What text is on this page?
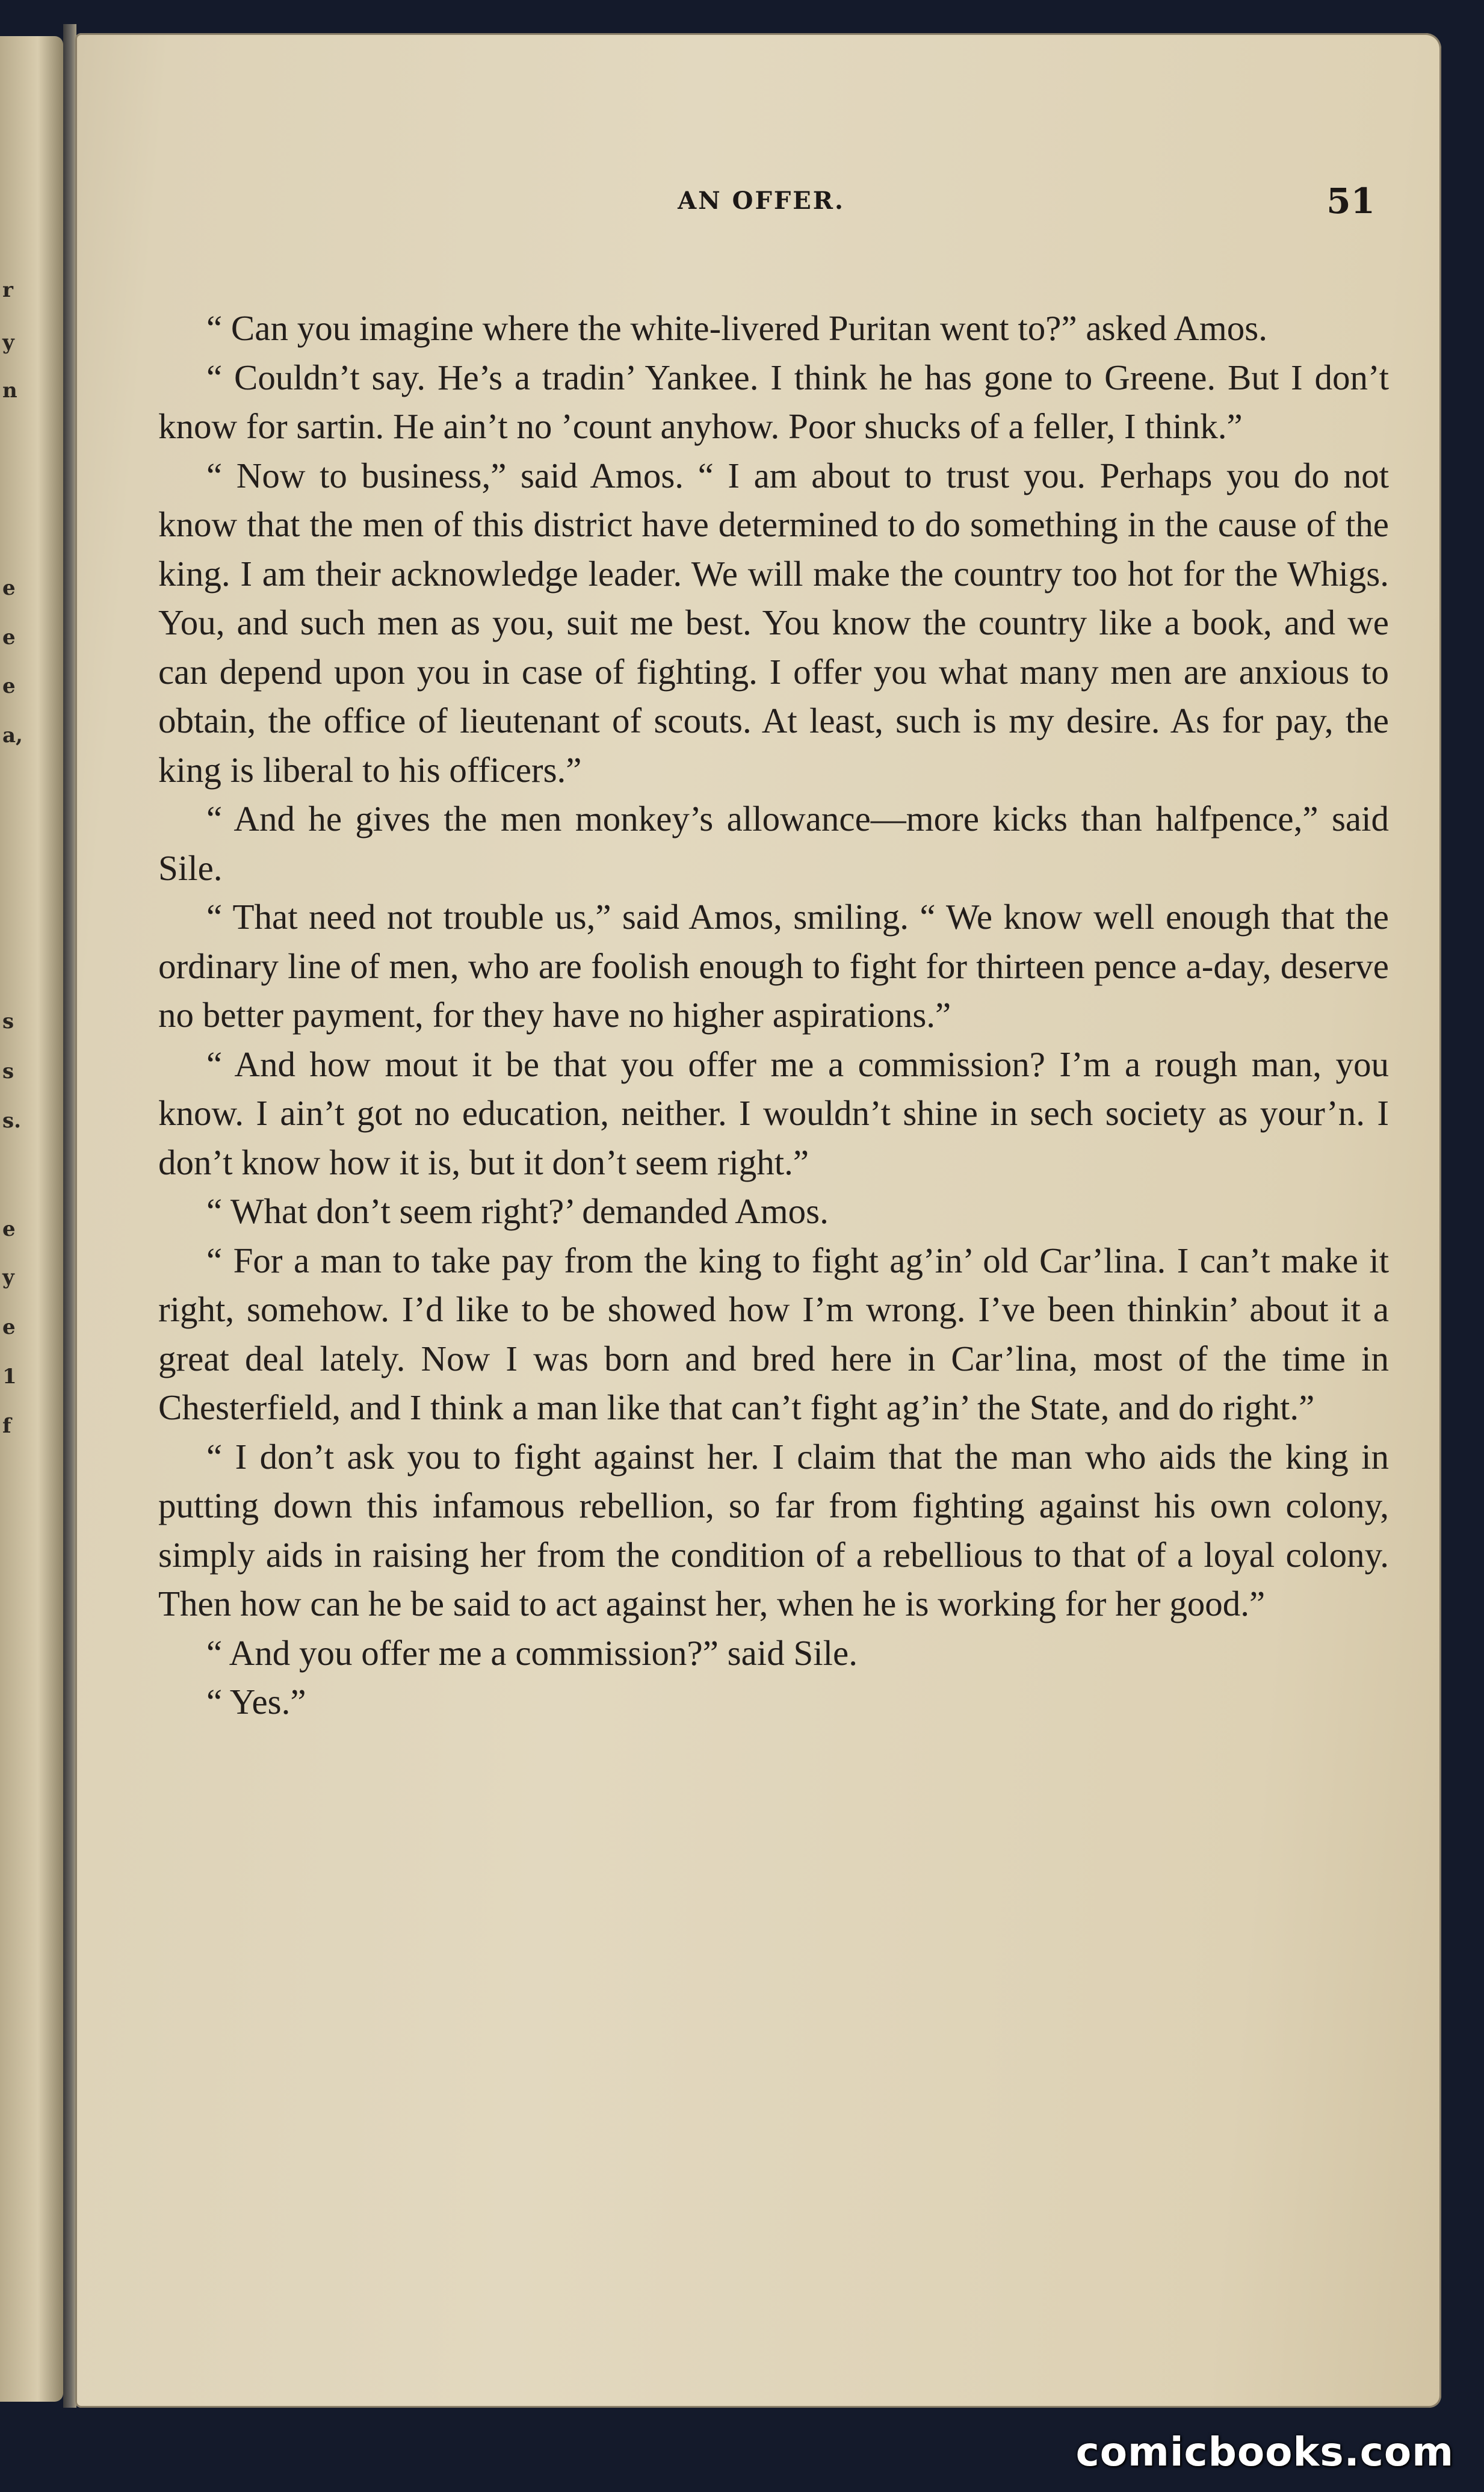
r
y
n
e
e
e
a,
s
s
s.
e
y
e
1
f
AN OFFER.	51

“ Can you imagine where the white-livered Puritan went to?” asked Amos.

“ Couldn’t say. He’s a tradin’ Yankee. I think he has gone to Greene. But I don’t know for sartin. He ain’t no ’count anyhow. Poor shucks of a feller, I think.”

“ Now to business,” said Amos. “ I am about to trust you. Perhaps you do not know that the men of this district have determined to do something in the cause of the king. I am their acknowledge leader. We will make the country too hot for the Whigs. You, and such men as you, suit me best. You know the country like a book, and we can depend upon you in case of fighting. I offer you what many men are anxious to obtain, the office of lieutenant of scouts. At least, such is my desire. As for pay, the king is liberal to his officers.”

“ And he gives the men monkey’s allowance—more kicks than halfpence,” said Sile.

“ That need not trouble us,” said Amos, smiling. “ We know well enough that the ordinary line of men, who are foolish enough to fight for thirteen pence a-day, deserve no better payment, for they have no higher aspirations.”

“ And how mout it be that you offer me a commission? I’m a rough man, you know. I ain’t got no education, neither. I wouldn’t shine in sech society as your’n. I don’t know how it is, but it don’t seem right.”

“ What don’t seem right?’ demanded Amos.

“ For a man to take pay from the king to fight ag’in’ old Car’lina. I can’t make it right, somehow. I’d like to be showed how I’m wrong. I’ve been thinkin’ about it a great deal lately. Now I was born and bred here in Car’lina, most of the time in Chesterfield, and I think a man like that can’t fight ag’in’ the State, and do right.”

“ I don’t ask you to fight against her. I claim that the man who aids the king in putting down this infamous rebellion, so far from fighting against his own colony, simply aids in raising her from the condition of a rebellious to that of a loyal colony. Then how can he be said to act against her, when he is working for her good.”

“ And you offer me a commission?” said Sile.

“ Yes.”

comicbooks.com
